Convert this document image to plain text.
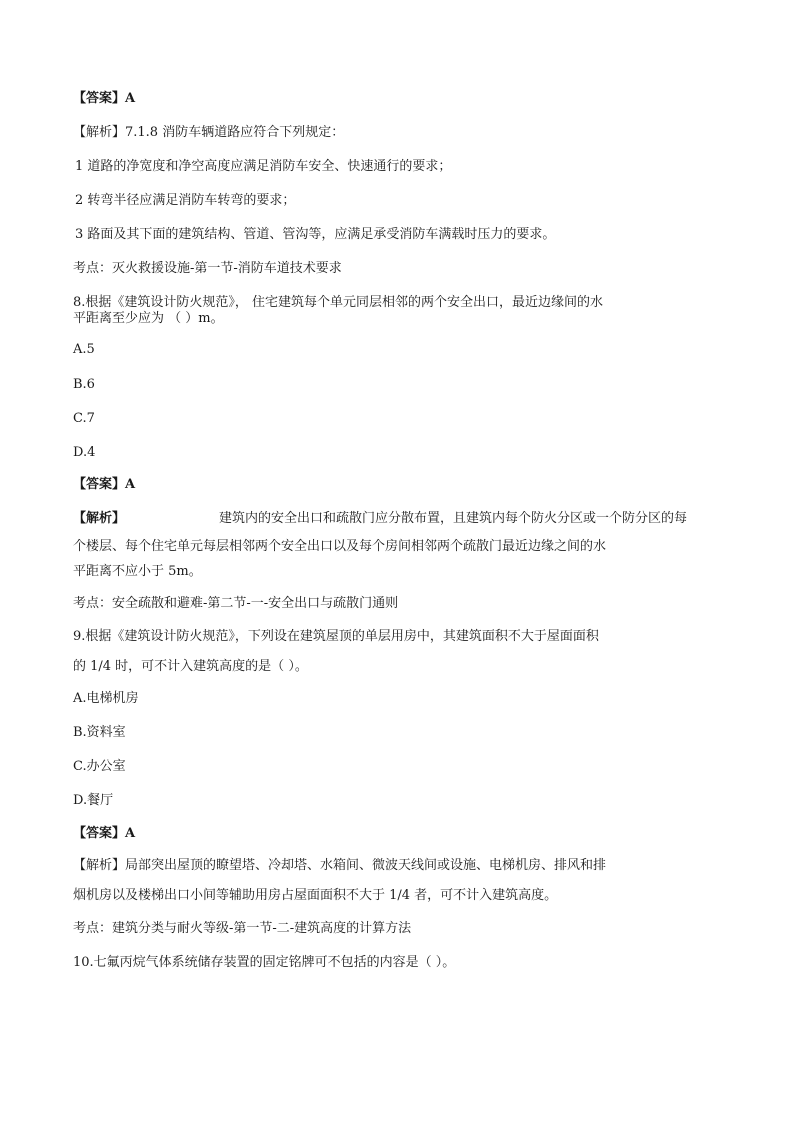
【答案】A
【解析】7.1.8 消防车辆道路应符合下列规定：
1 道路的净宽度和净空高度应满足消防车安全、快速通行的要求；
2 转弯半径应满足消防车转弯的要求；
3 路面及其下面的建筑结构、管道、管沟等，应满足承受消防车满载时压力的要求。
考点：灭火救援设施-第一节-消防车道技术要求
8.根据《建筑设计防火规范》， 住宅建筑每个单元同层相邻的两个安全出口，最近边缘间的水
平距离至少应为 （ ）m。
A.5
B.6
C.7
D.4
【答案】A
【解析】	建筑内的安全出口和疏散门应分散布置，且建筑内每个防火分区或一个防分区的每
个楼层、每个住宅单元每层相邻两个安全出口以及每个房间相邻两个疏散门最近边缘之间的水
平距离不应小于 5m。
考点：安全疏散和避难-第二节-一-安全出口与疏散门通则
9.根据《建筑设计防火规范》，下列设在建筑屋顶的单层用房中，其建筑面积不大于屋面面积
的 1/4 时，可不计入建筑高度的是（ ）。
A.电梯机房
B.资料室
C.办公室
D.餐厅
【答案】A
【解析】局部突出屋顶的瞭望塔、冷却塔、水箱间、微波天线间或设施、电梯机房、排风和排
烟机房以及楼梯出口小间等辅助用房占屋面面积不大于 1/4 者，可不计入建筑高度。
考点：建筑分类与耐火等级-第一节-二-建筑高度的计算方法
10.七氟丙烷气体系统储存装置的固定铭牌可不包括的内容是（ ）。
